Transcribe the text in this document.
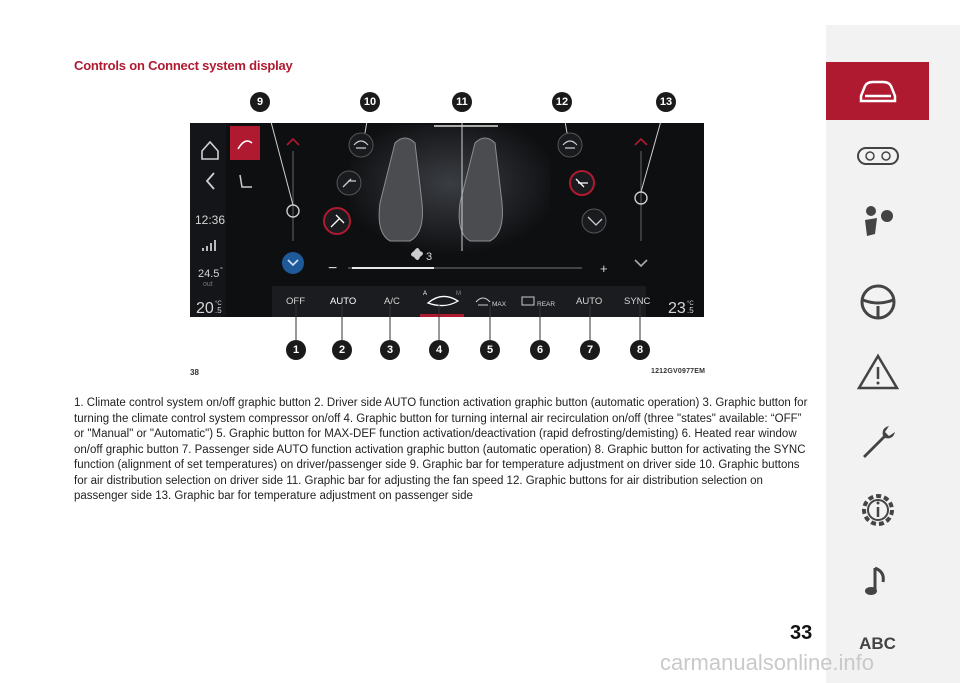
Controls on Connect system display
9	10	11	12	13
12:36
24.5 °
out
20 °C
.5	23 °C
.5
−	+
3
OFF	AUTO	A/C
A	M
MAX	REAR AUTO SYNC
1	2	3	4	5	6	7	8
38	1212GV0977EM
1. Climate control system on/off graphic button 2. Driver side AUTO function activation graphic button (automatic operation) 3. Graphic button for turning the climate control system compressor on/off 4. Graphic button for turning internal air recirculation on/off (three "states" available: “OFF” or "Manual" or "Automatic") 5. Graphic button for MAX-DEF function activation/deactivation (rapid defrosting/demisting) 6. Heated rear window on/off graphic button 7. Passenger side AUTO function activation graphic button (automatic operation) 8. Graphic button for activating the SYNC function (alignment of set temperatures) on driver/passenger side 9. Graphic bar for temperature adjustment on driver side 10. Graphic buttons for air distribution selection on driver side 11. Graphic bar for adjusting the fan speed 12. Graphic buttons for air distribution selection on passenger side 13. Graphic bar for temperature adjustment on passenger side
ABC
33
carmanualsonline.info
